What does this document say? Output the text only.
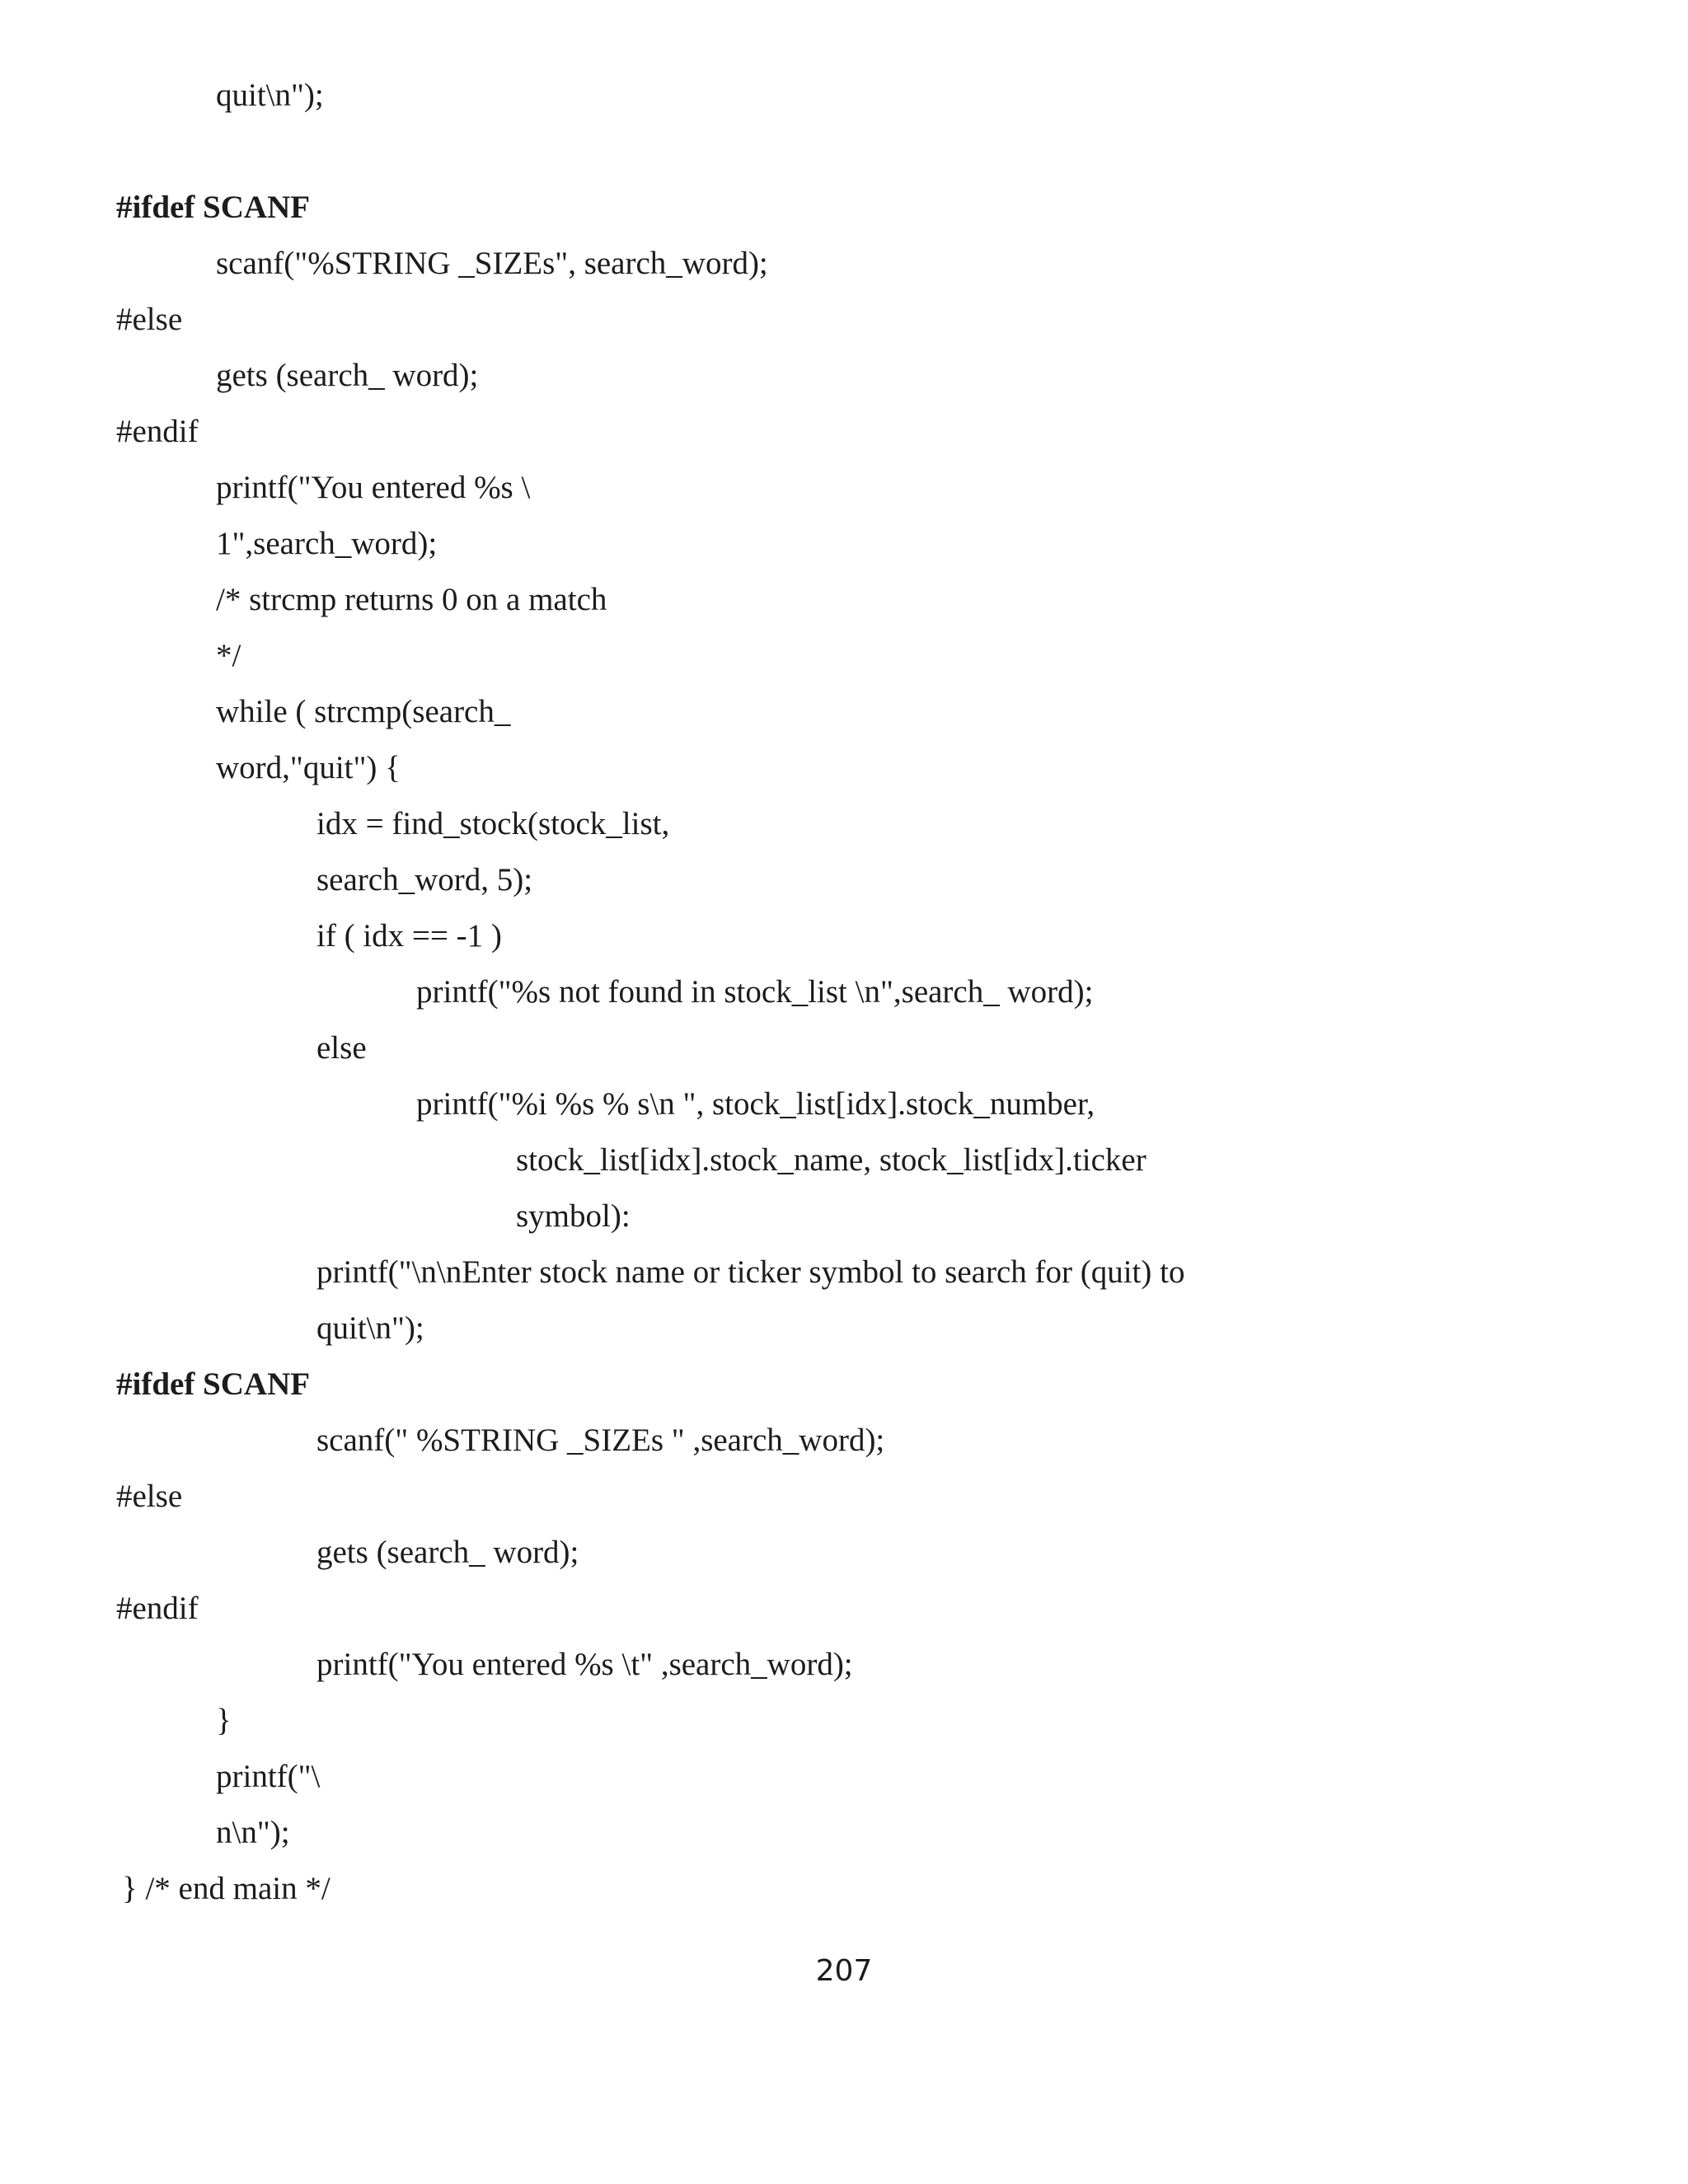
quit\n");
#ifdef SCANF
scanf("%STRING _SIZEs", search_word);
#else
gets (search_ word);
#endif
printf("You entered %s \
1",search_word);
/* strcmp returns 0 on a match
*/
while ( strcmp(search_
word,"quit") {
idx = find_stock(stock_list,
search_word, 5);
if ( idx == -1 )
printf("%s not found in stock_list \n",search_ word);
else
printf("%i %s % s\n ", stock_list[idx].stock_number,
stock_list[idx].stock_name, stock_list[idx].ticker
symbol):
printf("\n\nEnter stock name or ticker symbol to search for (quit) to
quit\n");
#ifdef SCANF
scanf(" %STRING _SIZEs " ,search_word);
#else
gets (search_ word);
#endif
printf("You entered %s \t" ,search_word);
}
printf("\
n\n");
} /* end main */
207
